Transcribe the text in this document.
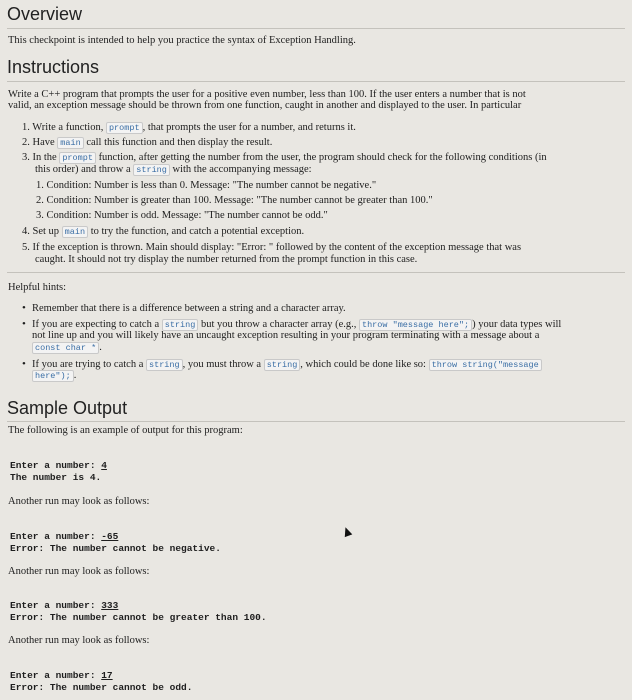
Overview

This checkpoint is intended to help you practice the syntax of Exception Handling.

Instructions

Write a C++ program that prompts the user for a positive even number, less than 100. If the user enters a number that is not

valid, an exception message should be thrown from one function, caught in another and displayed to the user. In particular

1. Write a function, prompt , that prompts the user for a number, and returns it.

2. Have main call this function and then display the result.

3. In the prompt function, after getting the number from the user, the program should check for the following conditions (in

this order) and throw a string with the accompanying message:

1. Condition: Number is less than 0. Message: "The number cannot be negative."

2. Condition: Number is greater than 100. Message: "The number cannot be greater than 100."

3. Condition: Number is odd. Message: "The number cannot be odd."

4. Set up main to try the function, and catch a potential exception.

5. If the exception is thrown. Main should display: "Error: " followed by the content of the exception message that was

caught. It should not try display the number returned from the prompt function in this case.

Helpful hints:

• Remember that there is a difference between a string and a character array.

• If you are expecting to catch a string but you throw a character array (e.g., throw "message here"; ) your data types will

not line up and you will likely have an uncaught exception resulting in your program terminating with a message about a

const char * .

• If you are trying to catch a string , you must throw a string , which could be done like so: throw string("message

here"); .

Sample Output

The following is an example of output for this program:

Enter a number: 4

The number is 4.

Another run may look as follows:

Enter a number: -65

Error: The number cannot be negative.

Another run may look as follows:

Enter a number: 333

Error: The number cannot be greater than 100.

Another run may look as follows:

Enter a number: 17

Error: The number cannot be odd.
